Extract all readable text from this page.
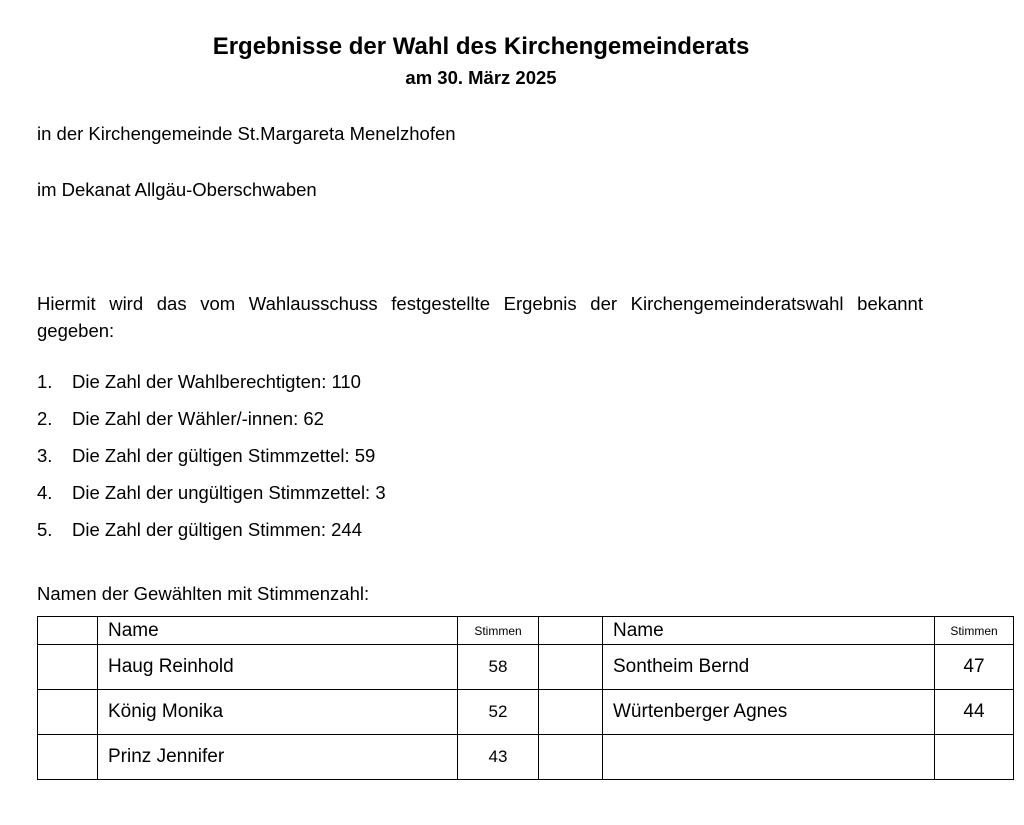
Ergebnisse der Wahl des Kirchengemeinderats
am 30. März 2025
in der Kirchengemeinde St.Margareta Menelzhofen
im Dekanat Allgäu-Oberschwaben
Hiermit wird das vom Wahlausschuss festgestellte Ergebnis der Kirchengemeinderatswahl bekannt gegeben:
1. Die Zahl der Wahlberechtigten: 110
2. Die Zahl der Wähler/-innen: 62
3. Die Zahl der gültigen Stimmzettel: 59
4. Die Zahl der ungültigen Stimmzettel: 3
5. Die Zahl der gültigen Stimmen: 244
Namen der Gewählten mit Stimmenzahl:
	Name	Stimmen		Name	Stimmen
	Haug Reinhold	58		Sontheim Bernd	47
	König Monika	52		Würtenberger Agnes	44
	Prinz Jennifer	43			
